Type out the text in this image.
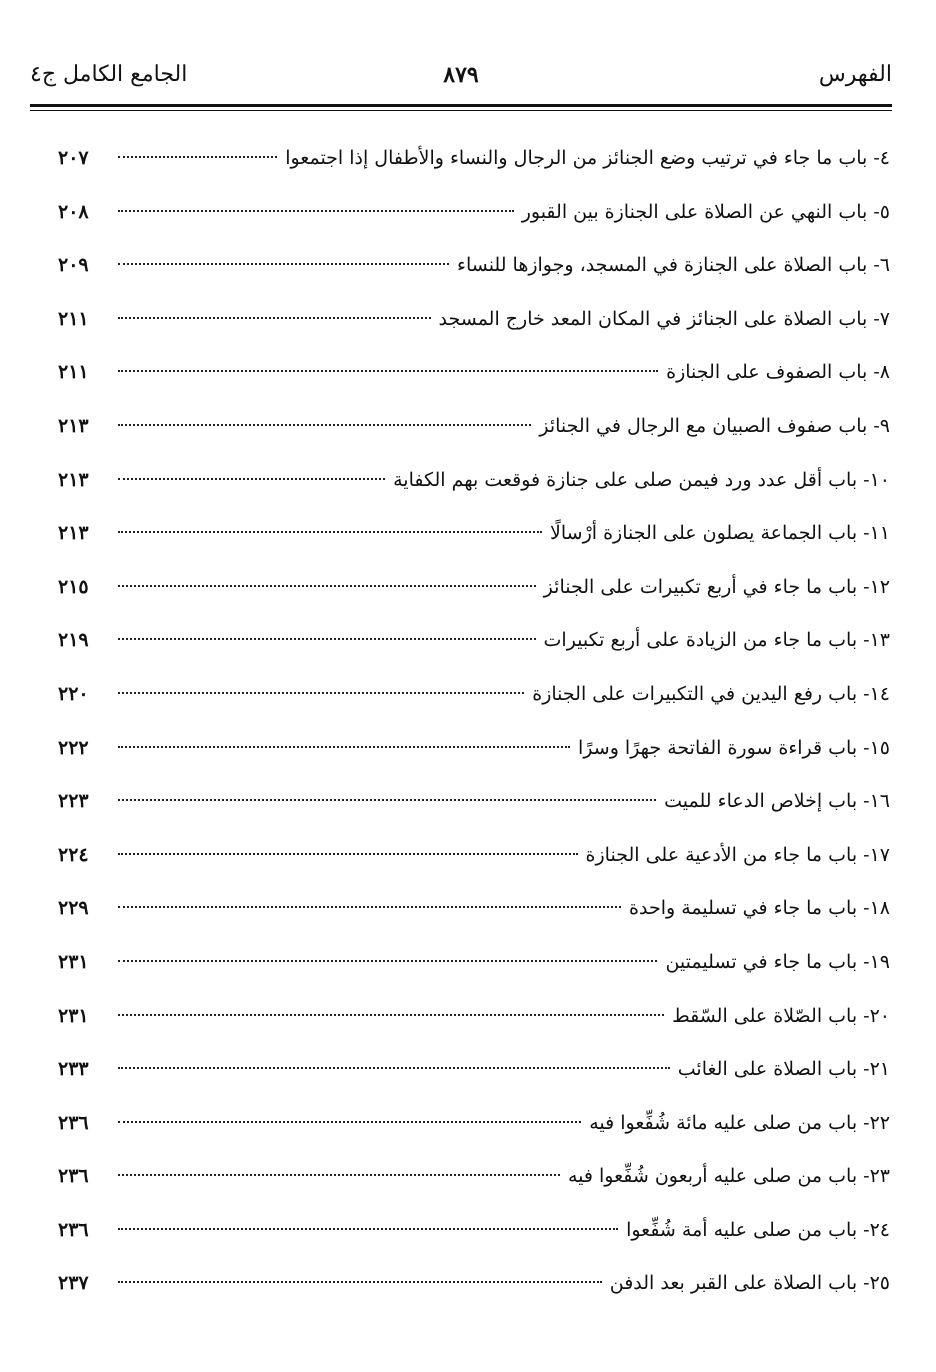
الفهرس
٨٧٩
الجامع الكامل ج٤
٤- باب ما جاء في ترتيب وضع الجنائز من الرجال والنساء والأطفال إذا اجتمعوا
٢٠٧
٥- باب النهي عن الصلاة على الجنازة بين القبور
٢٠٨
٦- باب الصلاة على الجنازة في المسجد، وجوازها للنساء
٢٠٩
٧- باب الصلاة على الجنائز في المكان المعد خارج المسجد
٢١١
٨- باب الصفوف على الجنازة
٢١١
٩- باب صفوف الصبيان مع الرجال في الجنائز
٢١٣
١٠- باب أقل عدد ورد فيمن صلى على جنازة فوقعت بهم الكفاية
٢١٣
١١- باب الجماعة يصلون على الجنازة أرْسالًا
٢١٣
١٢- باب ما جاء في أربع تكبيرات على الجنائز
٢١٥
١٣- باب ما جاء من الزيادة على أربع تكبيرات
٢١٩
١٤- باب رفع اليدين في التكبيرات على الجنازة
٢٢٠
١٥- باب قراءة سورة الفاتحة جهرًا وسرًا
٢٢٢
١٦- باب إخلاص الدعاء للميت
٢٢٣
١٧- باب ما جاء من الأدعية على الجنازة
٢٢٤
١٨- باب ما جاء في تسليمة واحدة
٢٢٩
١٩- باب ما جاء في تسليمتين
٢٣١
٢٠- باب الصّلاة على السّقط
٢٣١
٢١- باب الصلاة على الغائب
٢٣٣
٢٢- باب من صلى عليه مائة شُفِّعوا فيه
٢٣٦
٢٣- باب من صلى عليه أربعون شُفِّعوا فيه
٢٣٦
٢٤- باب من صلى عليه أمة شُفِّعوا
٢٣٦
٢٥- باب الصلاة على القبر بعد الدفن
٢٣٧
